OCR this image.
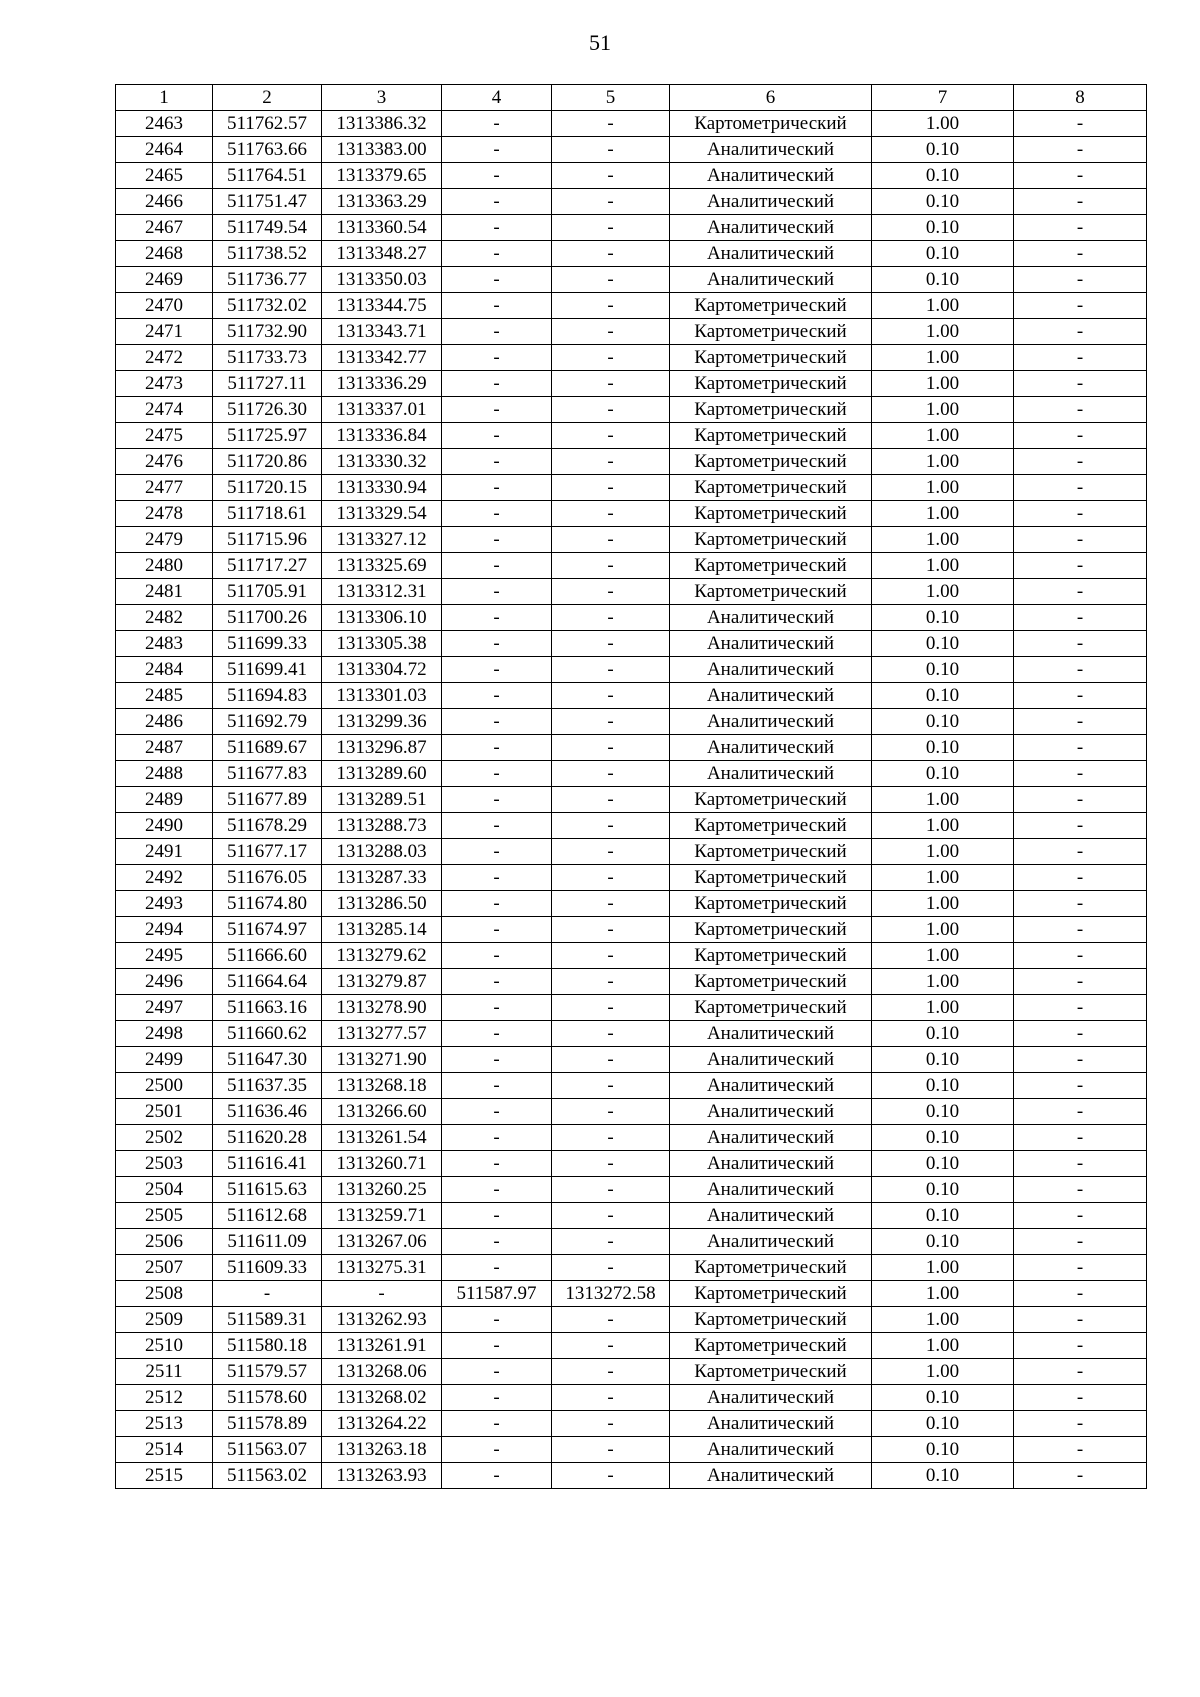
51
1	2	3	4	5	6	7	8
2463	511762.57	1313386.32	-	-	Картометрический	1.00	-
2464	511763.66	1313383.00	-	-	Аналитический	0.10	-
2465	511764.51	1313379.65	-	-	Аналитический	0.10	-
2466	511751.47	1313363.29	-	-	Аналитический	0.10	-
2467	511749.54	1313360.54	-	-	Аналитический	0.10	-
2468	511738.52	1313348.27	-	-	Аналитический	0.10	-
2469	511736.77	1313350.03	-	-	Аналитический	0.10	-
2470	511732.02	1313344.75	-	-	Картометрический	1.00	-
2471	511732.90	1313343.71	-	-	Картометрический	1.00	-
2472	511733.73	1313342.77	-	-	Картометрический	1.00	-
2473	511727.11	1313336.29	-	-	Картометрический	1.00	-
2474	511726.30	1313337.01	-	-	Картометрический	1.00	-
2475	511725.97	1313336.84	-	-	Картометрический	1.00	-
2476	511720.86	1313330.32	-	-	Картометрический	1.00	-
2477	511720.15	1313330.94	-	-	Картометрический	1.00	-
2478	511718.61	1313329.54	-	-	Картометрический	1.00	-
2479	511715.96	1313327.12	-	-	Картометрический	1.00	-
2480	511717.27	1313325.69	-	-	Картометрический	1.00	-
2481	511705.91	1313312.31	-	-	Картометрический	1.00	-
2482	511700.26	1313306.10	-	-	Аналитический	0.10	-
2483	511699.33	1313305.38	-	-	Аналитический	0.10	-
2484	511699.41	1313304.72	-	-	Аналитический	0.10	-
2485	511694.83	1313301.03	-	-	Аналитический	0.10	-
2486	511692.79	1313299.36	-	-	Аналитический	0.10	-
2487	511689.67	1313296.87	-	-	Аналитический	0.10	-
2488	511677.83	1313289.60	-	-	Аналитический	0.10	-
2489	511677.89	1313289.51	-	-	Картометрический	1.00	-
2490	511678.29	1313288.73	-	-	Картометрический	1.00	-
2491	511677.17	1313288.03	-	-	Картометрический	1.00	-
2492	511676.05	1313287.33	-	-	Картометрический	1.00	-
2493	511674.80	1313286.50	-	-	Картометрический	1.00	-
2494	511674.97	1313285.14	-	-	Картометрический	1.00	-
2495	511666.60	1313279.62	-	-	Картометрический	1.00	-
2496	511664.64	1313279.87	-	-	Картометрический	1.00	-
2497	511663.16	1313278.90	-	-	Картометрический	1.00	-
2498	511660.62	1313277.57	-	-	Аналитический	0.10	-
2499	511647.30	1313271.90	-	-	Аналитический	0.10	-
2500	511637.35	1313268.18	-	-	Аналитический	0.10	-
2501	511636.46	1313266.60	-	-	Аналитический	0.10	-
2502	511620.28	1313261.54	-	-	Аналитический	0.10	-
2503	511616.41	1313260.71	-	-	Аналитический	0.10	-
2504	511615.63	1313260.25	-	-	Аналитический	0.10	-
2505	511612.68	1313259.71	-	-	Аналитический	0.10	-
2506	511611.09	1313267.06	-	-	Аналитический	0.10	-
2507	511609.33	1313275.31	-	-	Картометрический	1.00	-
2508	-	-	511587.97	1313272.58	Картометрический	1.00	-
2509	511589.31	1313262.93	-	-	Картометрический	1.00	-
2510	511580.18	1313261.91	-	-	Картометрический	1.00	-
2511	511579.57	1313268.06	-	-	Картометрический	1.00	-
2512	511578.60	1313268.02	-	-	Аналитический	0.10	-
2513	511578.89	1313264.22	-	-	Аналитический	0.10	-
2514	511563.07	1313263.18	-	-	Аналитический	0.10	-
2515	511563.02	1313263.93	-	-	Аналитический	0.10	-
